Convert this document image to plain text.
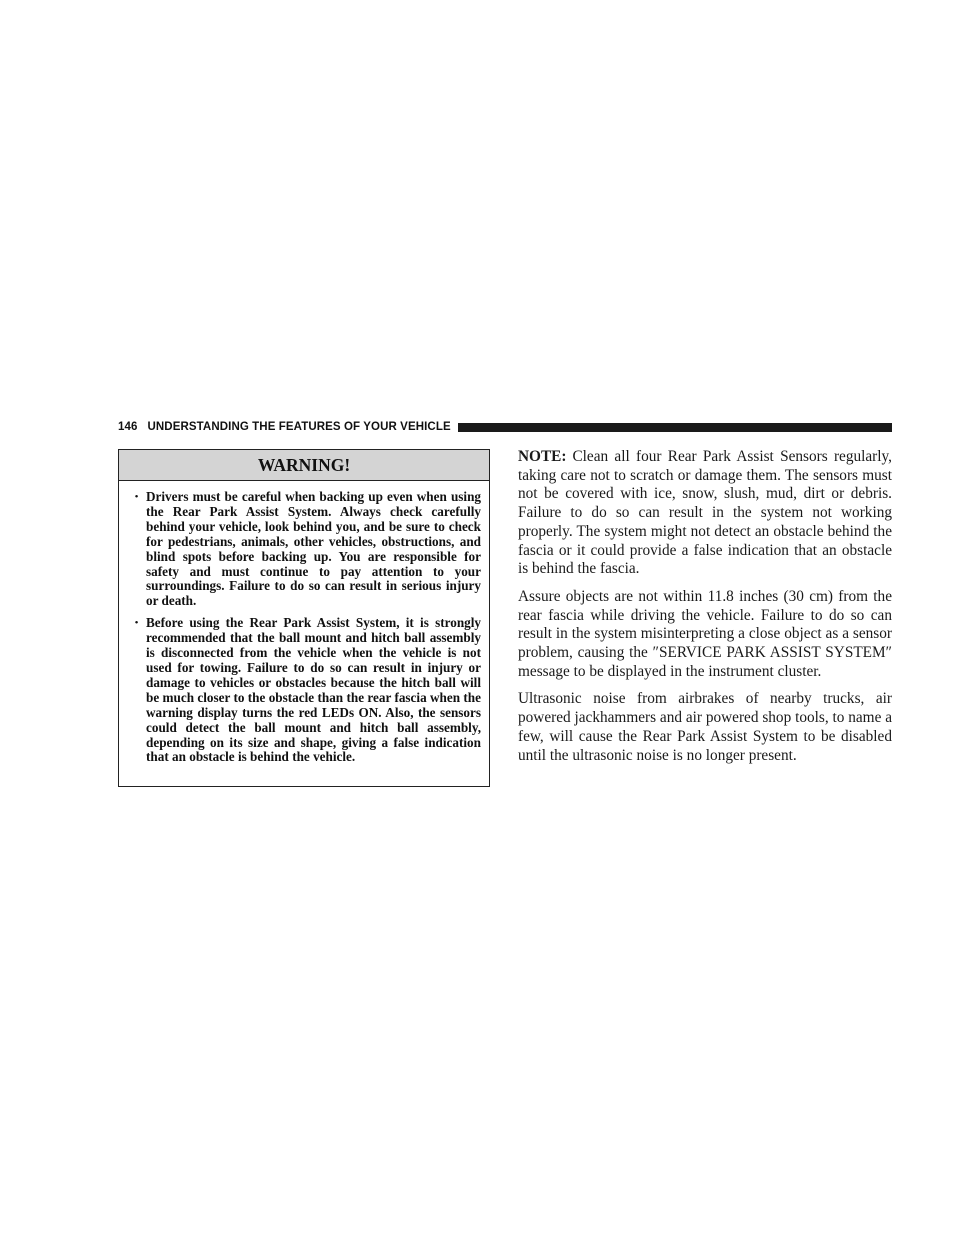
146 UNDERSTANDING THE FEATURES OF YOUR VEHICLE
WARNING!
• Drivers must be careful when backing up even when using the Rear Park Assist System. Always check carefully behind your vehicle, look behind you, and be sure to check for pedestrians, animals, other vehicles, obstructions, and blind spots before backing up. You are responsible for safety and must continue to pay attention to your surroundings. Failure to do so can result in serious injury or death.
• Before using the Rear Park Assist System, it is strongly recommended that the ball mount and hitch ball assembly is disconnected from the vehicle when the vehicle is not used for towing. Failure to do so can result in injury or damage to vehicles or obstacles because the hitch ball will be much closer to the obstacle than the rear fascia when the warning display turns the red LEDs ON. Also, the sensors could detect the ball mount and hitch ball assembly, depending on its size and shape, giving a false indication that an obstacle is behind the vehicle.

NOTE: Clean all four Rear Park Assist Sensors regularly, taking care not to scratch or damage them. The sensors must not be covered with ice, snow, slush, mud, dirt or debris. Failure to do so can result in the system not working properly. The system might not detect an obstacle behind the fascia or it could provide a false indication that an obstacle is behind the fascia.

Assure objects are not within 11.8 inches (30 cm) from the rear fascia while driving the vehicle. Failure to do so can result in the system misinterpreting a close object as a sensor problem, causing the ″SERVICE PARK ASSIST SYSTEM″ message to be displayed in the instrument cluster.

Ultrasonic noise from airbrakes of nearby trucks, air powered jackhammers and air powered shop tools, to name a few, will cause the Rear Park Assist System to be disabled until the ultrasonic noise is no longer present.
